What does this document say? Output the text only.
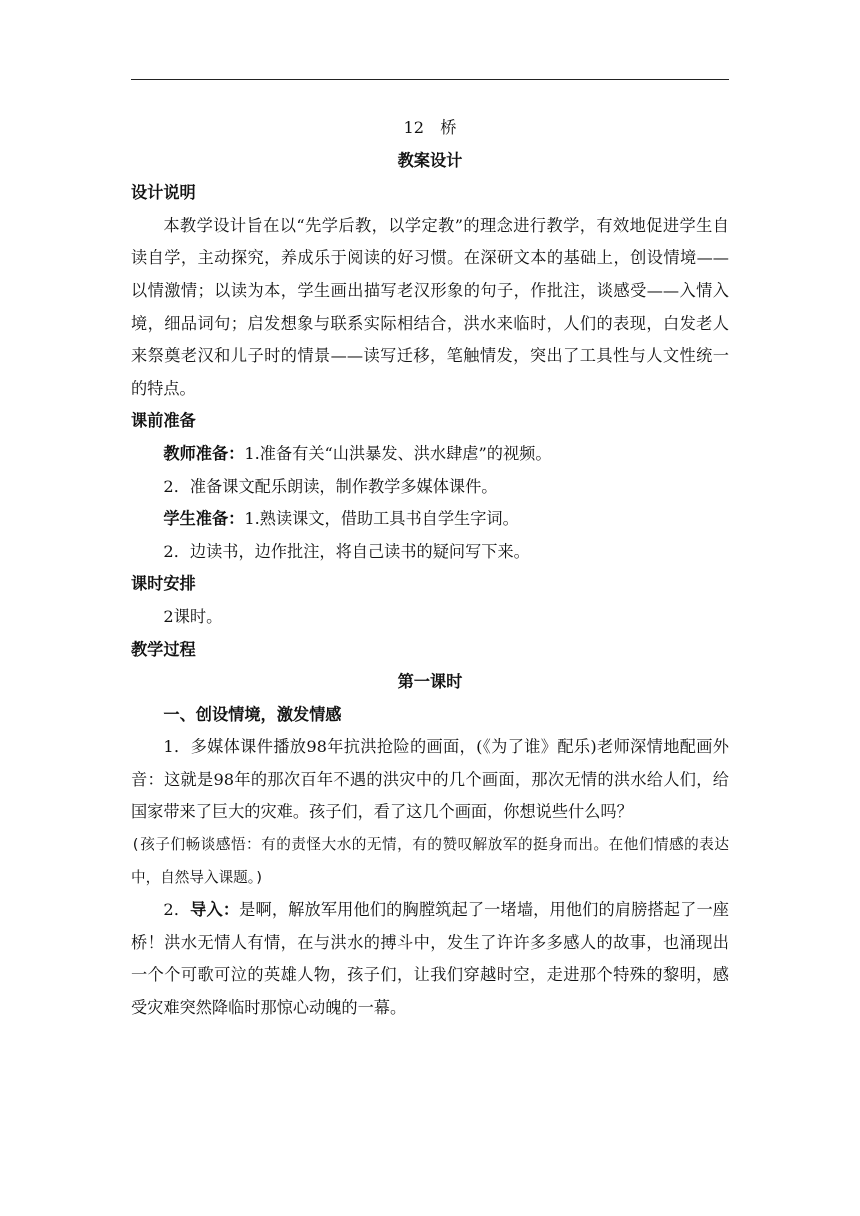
12　桥

教案设计

设计说明

本教学设计旨在以“先学后教，以学定教”的理念进行教学，有效地促进学生自读自学，主动探究，养成乐于阅读的好习惯。在深研文本的基础上，创设情境——以情激情；以读为本，学生画出描写老汉形象的句子，作批注，谈感受——入情入境，细品词句；启发想象与联系实际相结合，洪水来临时，人们的表现，白发老人来祭奠老汉和儿子时的情景——读写迁移，笔触情发，突出了工具性与人文性统一的特点。

课前准备

教师准备：1.准备有关“山洪暴发、洪水肆虐”的视频。

2．准备课文配乐朗读，制作教学多媒体课件。

学生准备：1.熟读课文，借助工具书自学生字词。

2．边读书，边作批注，将自己读书的疑问写下来。

课时安排

2课时。

教学过程

第一课时

一、创设情境，激发情感

1．多媒体课件播放98年抗洪抢险的画面，(《为了谁》配乐)老师深情地配画外音：这就是98年的那次百年不遇的洪灾中的几个画面，那次无情的洪水给人们，给国家带来了巨大的灾难。孩子们，看了这几个画面，你想说些什么吗？

(孩子们畅谈感悟：有的责怪大水的无情，有的赞叹解放军的挺身而出。在他们情感的表达中，自然导入课题。)

2．导入：是啊，解放军用他们的胸膛筑起了一堵墙，用他们的肩膀搭起了一座桥！洪水无情人有情，在与洪水的搏斗中，发生了许许多多感人的故事，也涌现出一个个可歌可泣的英雄人物，孩子们，让我们穿越时空，走进那个特殊的黎明，感受灾难突然降临时那惊心动魄的一幕。
